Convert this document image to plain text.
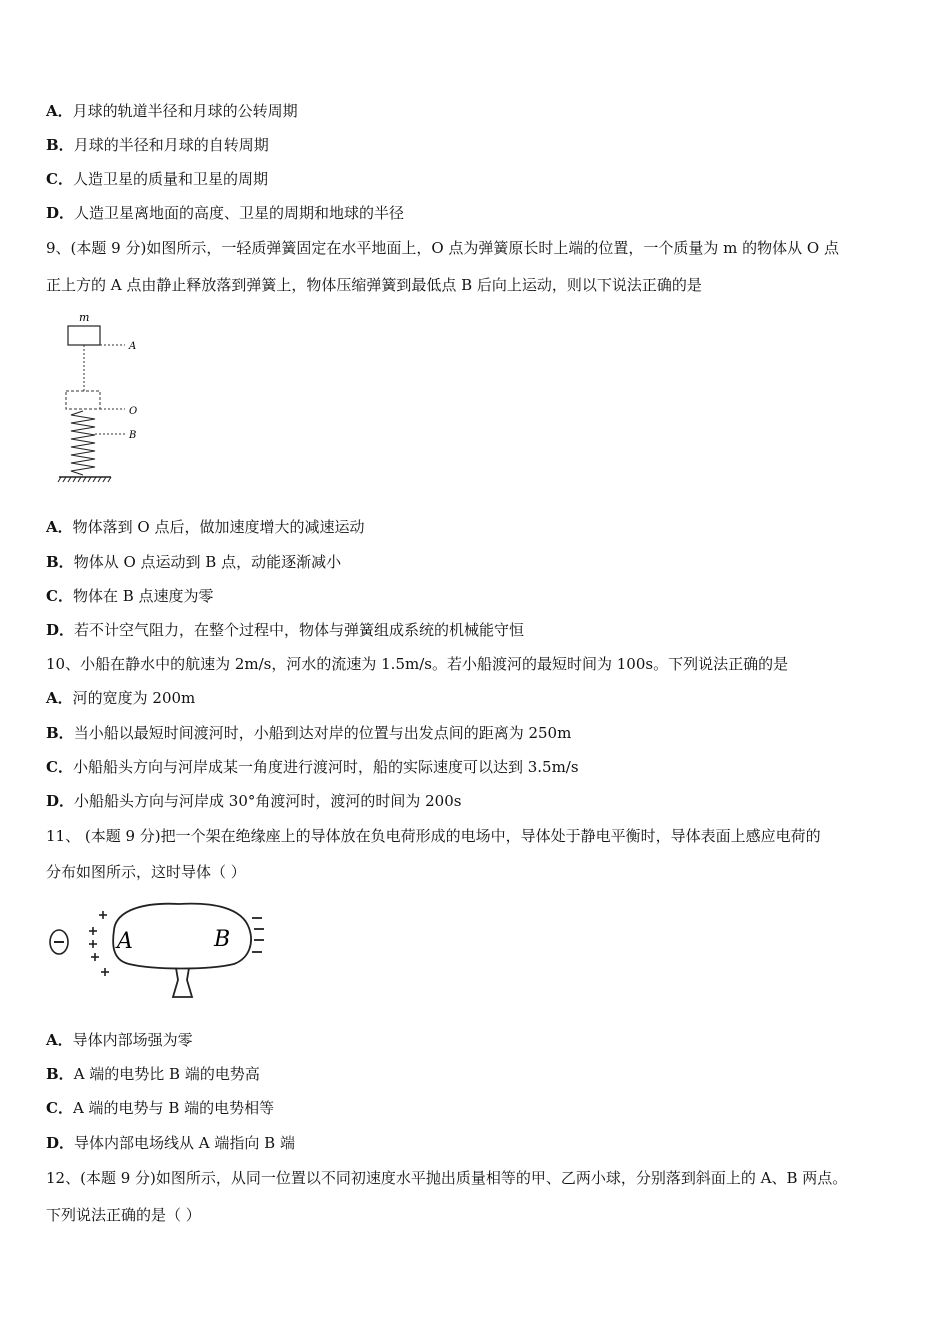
A．月球的轨道半径和月球的公转周期
B．月球的半径和月球的自转周期
C．人造卫星的质量和卫星的周期
D．人造卫星离地面的高度、卫星的周期和地球的半径
9、(本题 9 分)如图所示，一轻质弹簧固定在水平地面上，O 点为弹簧原长时上端的位置，一个质量为 m 的物体从 O 点
正上方的 A 点由静止释放落到弹簧上，物体压缩弹簧到最低点 B 后向上运动，则以下说法正确的是
m
A
O
B
A．物体落到 O 点后，做加速度增大的减速运动
B．物体从 O 点运动到 B 点，动能逐渐减小
C．物体在 B 点速度为零
D．若不计空气阻力，在整个过程中，物体与弹簧组成系统的机械能守恒
10、小船在静水中的航速为 2m/s，河水的流速为 1.5m/s。若小船渡河的最短时间为 100s。下列说法正确的是
A．河的宽度为 200m
B．当小船以最短时间渡河时，小船到达对岸的位置与出发点间的距离为 250m
C．小船船头方向与河岸成某一角度进行渡河时，船的实际速度可以达到 3.5m/s
D．小船船头方向与河岸成 30°角渡河时，渡河的时间为 200s
11、 (本题 9 分)把一个架在绝缘座上的导体放在负电荷形成的电场中，导体处于静电平衡时，导体表面上感应电荷的
分布如图所示，这时导体（ ）
A	B
A．导体内部场强为零
B．A 端的电势比 B 端的电势高
C．A 端的电势与 B 端的电势相等
D．导体内部电场线从 A 端指向 B 端
12、(本题 9 分)如图所示，从同一位置以不同初速度水平抛出质量相等的甲、乙两小球，分别落到斜面上的 A、B 两点。
下列说法正确的是（ ）
